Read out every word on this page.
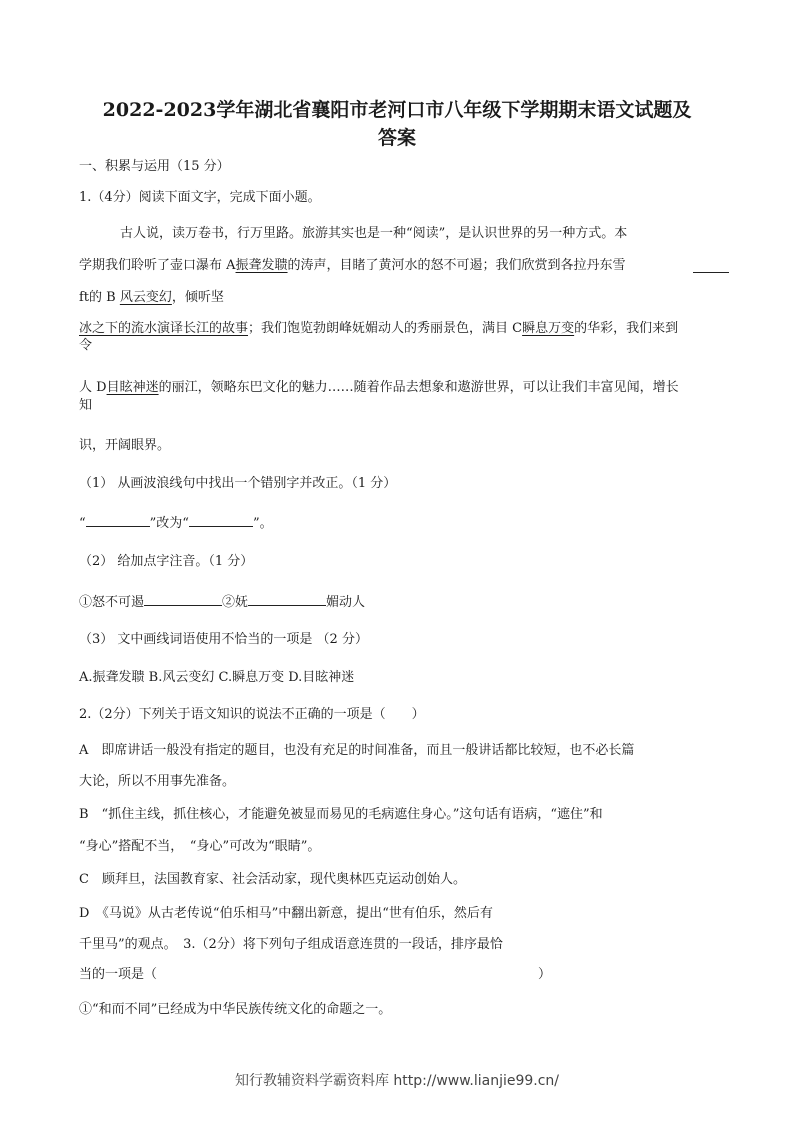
2022-2023学年湖北省襄阳市老河口市八年级下学期期末语文试题及
答案
一、积累与运用（15 分）
1.（4分）阅读下面文字，完成下面小题。
古人说，读万卷书，行万里路。旅游其实也是一种“阅读”，是认识世界的另一种方式。本
学期我们聆听了壶口瀑布 A振聋发聩的涛声，目睹了黄河水的怒不可遏；我们欣赏到各拉丹东雪
ft的 B 风云变幻，倾听坚
冰之下的流水演译长江的故事；我们饱览勃朗峰妩媚动人的秀丽景色，满目 C瞬息万变的华彩，我们来到
令
人 D目眩神迷的丽江，领略东巴文化的魅力……随着作品去想象和遨游世界，可以让我们丰富见闻，增长
知
识，开阔眼界。
（1） 从画波浪线句中找出一个错别字并改正。（1 分）
“	”改为“	”。
（2） 给加点字注音。（1 分）
①怒不可遏	②妩	媚动人
（3） 文中画线词语使用不恰当的一项是 （2 分）
A.振聋发聩 B.风云变幻 C.瞬息万变 D.目眩神迷
2.（2分）下列关于语文知识的说法不正确的一项是（　　）
A　即席讲话一般没有指定的题目，也没有充足的时间准备，而且一般讲话都比较短，也不必长篇
大论，所以不用事先准备。
B　“抓住主线，抓住核心，才能避免被显而易见的毛病遮住身心。”这句话有语病，“遮住”和
“身心”搭配不当，　“身心”可改为“眼睛”。
C　顾拜旦，法国教育家、社会活动家，现代奥林匹克运动创始人。
D　《马说》从古老传说“伯乐相马”中翻出新意，提出“世有伯乐，然后有
千里马”的观点。　3.（2分）将下列句子组成语意连贯的一段话，排序最恰
当的一项是（	）
①“和而不同”已经成为中华民族传统文化的命题之一。
知行教辅资料学霸资料库 http://www.lianjie99.cn/
